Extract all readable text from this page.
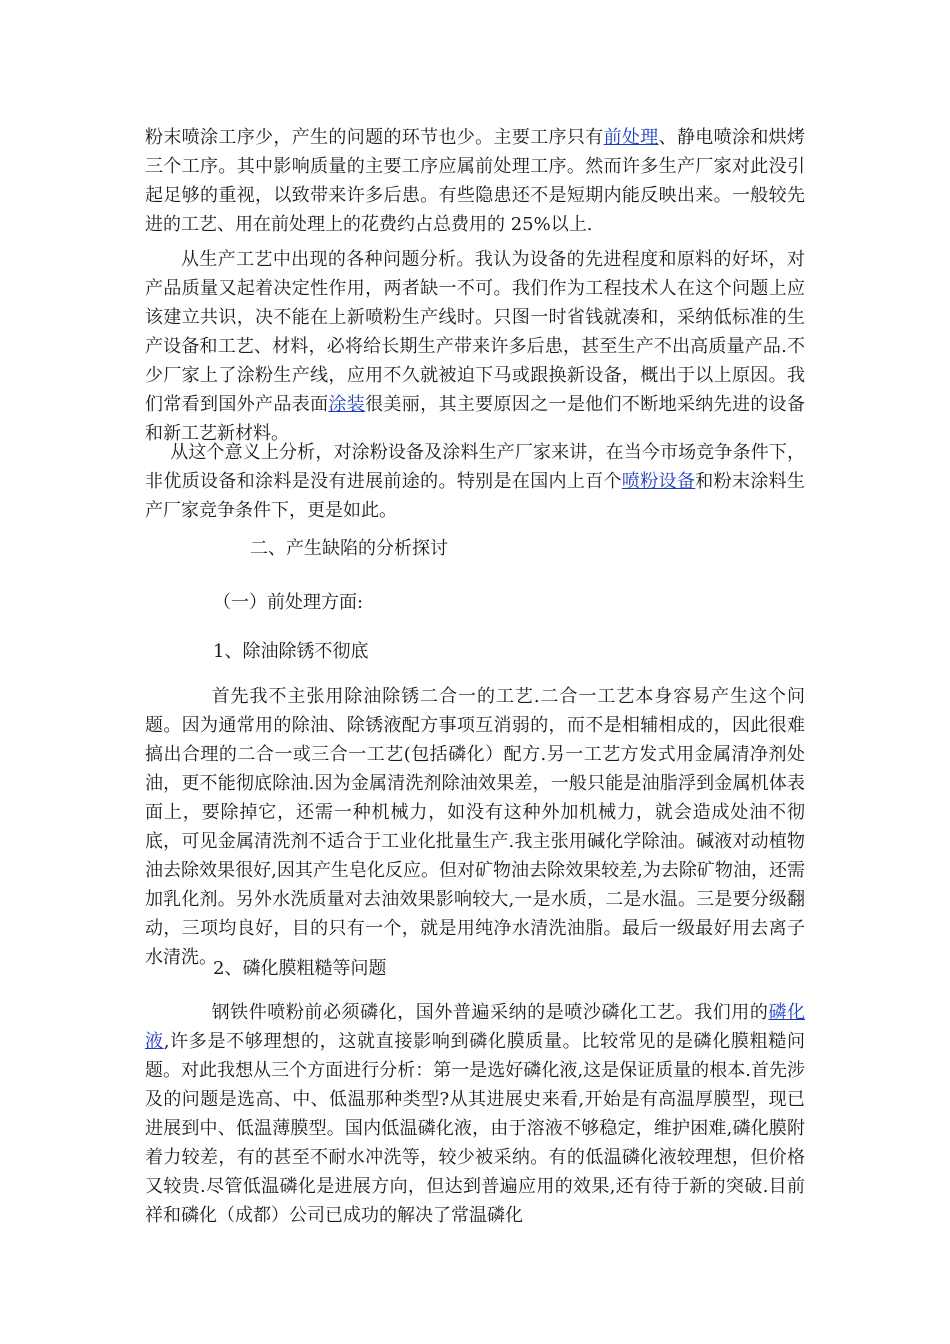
粉末喷涂工序少，产生的问题的环节也少。主要工序只有前处理、静电喷涂和烘烤三个工序。其中影响质量的主要工序应属前处理工序。然而许多生产厂家对此没引起足够的重视，以致带来许多后患。有些隐患还不是短期内能反映出来。一般较先进的工艺、用在前处理上的花费约占总费用的 25%以上.

从生产工艺中出现的各种问题分析。我认为设备的先进程度和原料的好坏，对产品质量又起着决定性作用，两者缺一不可。我们作为工程技术人在这个问题上应该建立共识，决不能在上新喷粉生产线时。只图一时省钱就凑和，采纳低标准的生产设备和工艺、材料，必将给长期生产带来许多后患，甚至生产不出高质量产品.不少厂家上了涂粉生产线，应用不久就被迫下马或跟换新设备，概出于以上原因。我们常看到国外产品表面涂装很美丽，其主要原因之一是他们不断地采纳先进的设备和新工艺新材料。

从这个意义上分析，对涂粉设备及涂料生产厂家来讲，在当今市场竞争条件下，非优质设备和涂料是没有进展前途的。特别是在国内上百个喷粉设备和粉末涂料生产厂家竞争条件下，更是如此。

二、产生缺陷的分析探讨

（一）前处理方面:

1、除油除锈不彻底

首先我不主张用除油除锈二合一的工艺.二合一工艺本身容易产生这个问题。因为通常用的除油、除锈液配方事项互消弱的，而不是相辅相成的，因此很难搞出合理的二合一或三合一工艺(包括磷化）配方.另一工艺方发式用金属清净剂处油，更不能彻底除油.因为金属清洗剂除油效果差，一般只能是油脂浮到金属机体表面上，要除掉它，还需一种机械力，如没有这种外加机械力，就会造成处油不彻底，可见金属清洗剂不适合于工业化批量生产.我主张用碱化学除油。碱液对动植物油去除效果很好,因其产生皂化反应。但对矿物油去除效果较差,为去除矿物油，还需加乳化剂。另外水洗质量对去油效果影响较大,一是水质，二是水温。三是要分级翻动，三项均良好，目的只有一个，就是用纯净水清洗油脂。最后一级最好用去离子水清洗。

2、磷化膜粗糙等问题

钢铁件喷粉前必须磷化，国外普遍采纳的是喷沙磷化工艺。我们用的磷化液,许多是不够理想的，这就直接影响到磷化膜质量。比较常见的是磷化膜粗糙问题。对此我想从三个方面进行分析：第一是选好磷化液,这是保证质量的根本.首先涉及的问题是选高、中、低温那种类型?从其进展史来看,开始是有高温厚膜型，现已进展到中、低温薄膜型。国内低温磷化液，由于溶液不够稳定，维护困难,磷化膜附着力较差，有的甚至不耐水冲洗等，较少被采纳。有的低温磷化液较理想，但价格又较贵.尽管低温磷化是进展方向，但达到普遍应用的效果,还有待于新的突破.目前祥和磷化（成都）公司已成功的解决了常温磷化
